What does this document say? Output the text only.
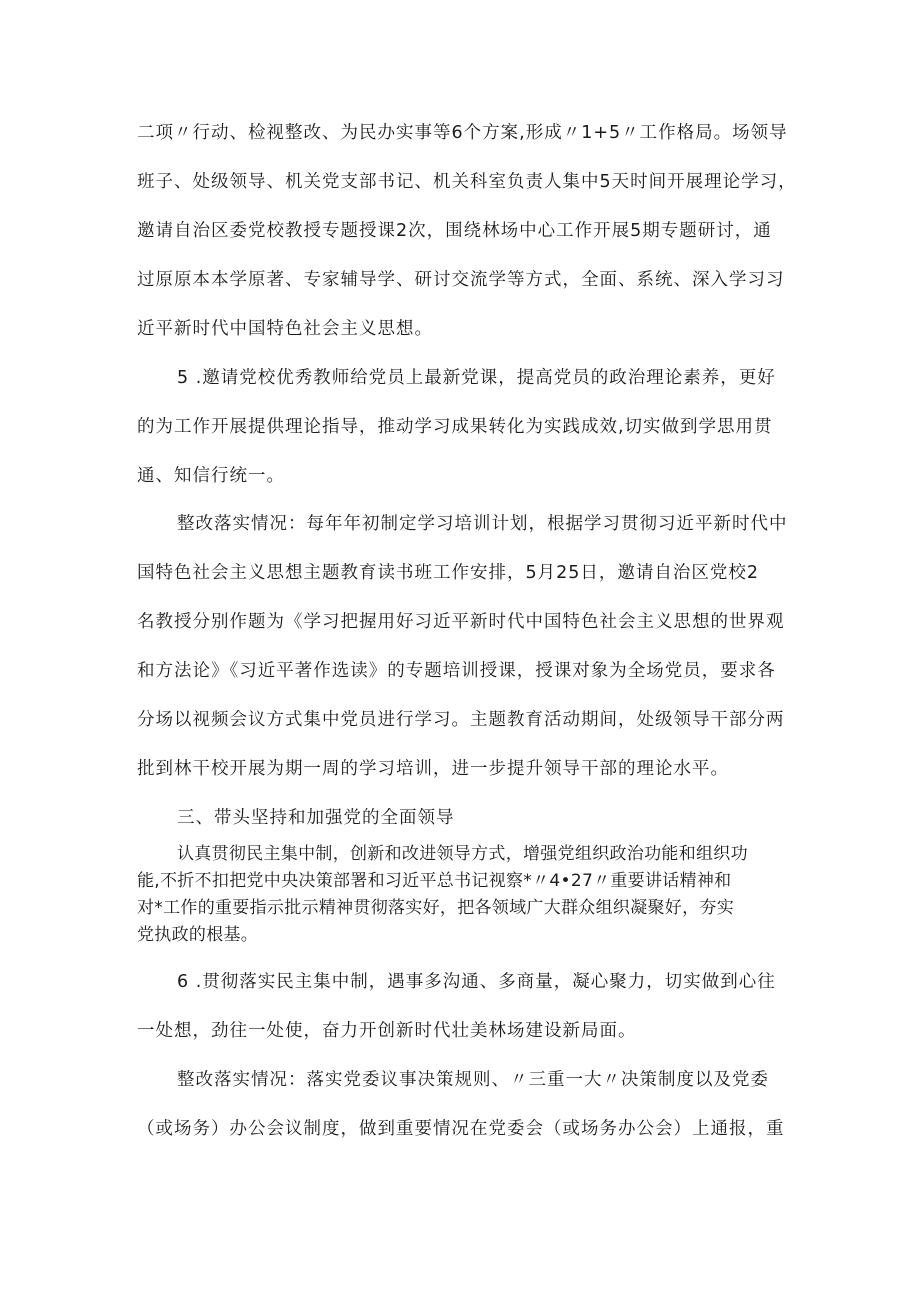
二项〃行动、检视整改、为民办实事等6个方案,形成〃1+5〃工作格局。场领导
班子、处级领导、机关党支部书记、机关科室负责人集中5天时间开展理论学习，
邀请自治区委党校教授专题授课2次，围绕林场中心工作开展5期专题研讨，通
过原原本本学原著、专家辅导学、研讨交流学等方式，全面、系统、深入学习习
近平新时代中国特色社会主义思想。
5 .邀请党校优秀教师给党员上最新党课，提高党员的政治理论素养，更好
的为工作开展提供理论指导，推动学习成果转化为实践成效,切实做到学思用贯
通、知信行统一。
整改落实情况：每年年初制定学习培训计划，根据学习贯彻习近平新时代中
国特色社会主义思想主题教育读书班工作安排，5月25日，邀请自治区党校2
名教授分别作题为《学习把握用好习近平新时代中国特色社会主义思想的世界观
和方法论》《习近平著作选读》的专题培训授课，授课对象为全场党员，要求各
分场以视频会议方式集中党员进行学习。主题教育活动期间，处级领导干部分两
批到林干校开展为期一周的学习培训，进一步提升领导干部的理论水平。
三、带头坚持和加强党的全面领导
认真贯彻民主集中制，创新和改进领导方式，增强党组织政治功能和组织功
能,不折不扣把党中央决策部署和习近平总书记视察*〃4•27〃重要讲话精神和
对*工作的重要指示批示精神贯彻落实好，把各领域广大群众组织凝聚好，夯实
党执政的根基。
6 .贯彻落实民主集中制，遇事多沟通、多商量，凝心聚力，切实做到心往
一处想，劲往一处使，奋力开创新时代壮美林场建设新局面。
整改落实情况：落实党委议事决策规则、〃三重一大〃决策制度以及党委
（或场务）办公会议制度，做到重要情况在党委会（或场务办公会）上通报，重
